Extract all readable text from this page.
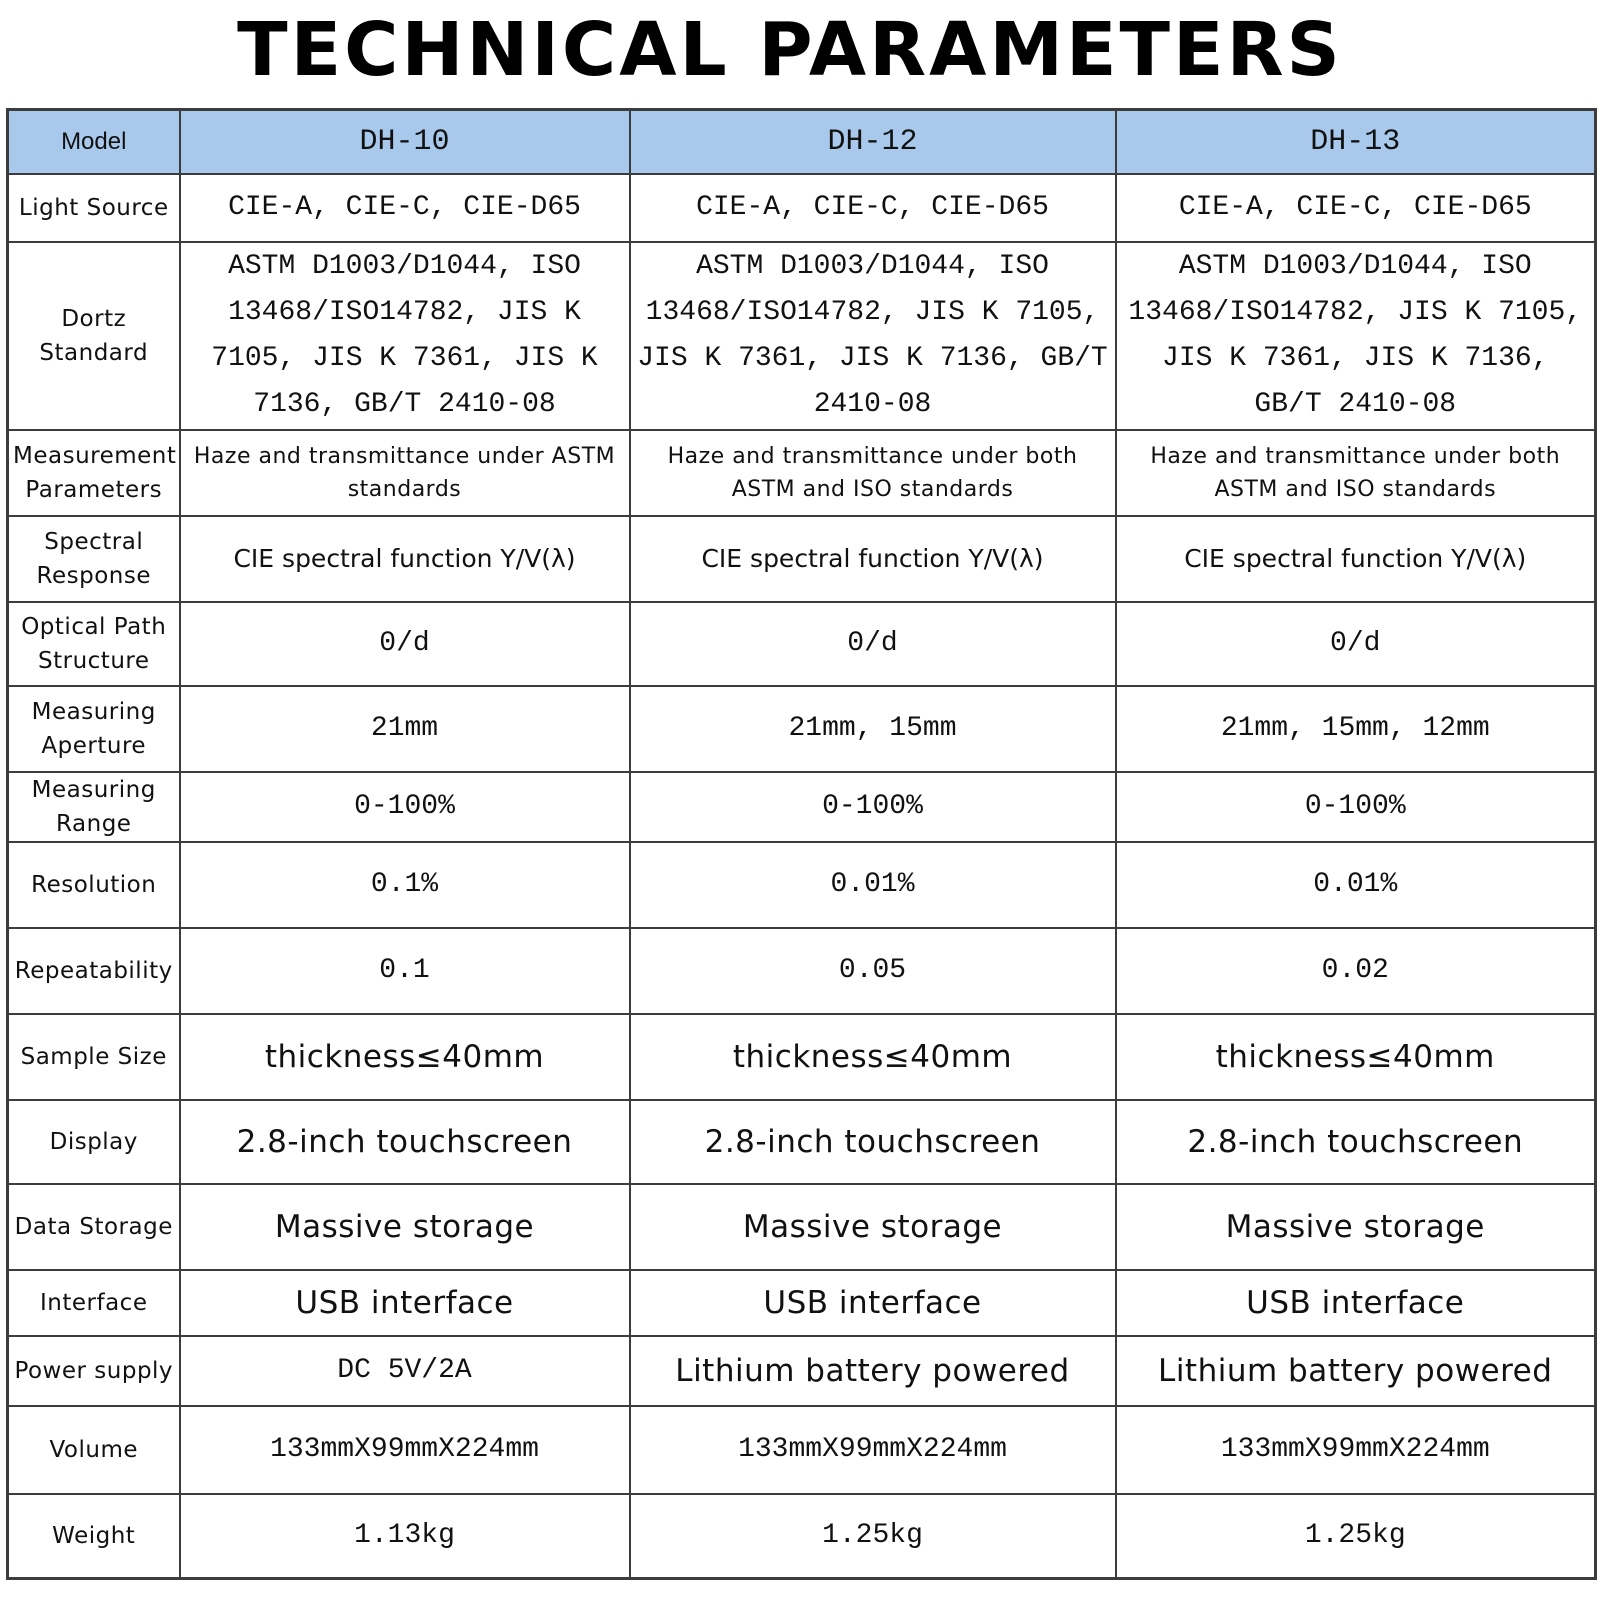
TECHNICAL PARAMETERS
Model	DH-10	DH-12	DH-13
Light Source	CIE-A, CIE-C, CIE-D65	CIE-A, CIE-C, CIE-D65	CIE-A, CIE-C, CIE-D65
Dortz Standard	ASTM D1003/D1044, ISO 13468/ISO14782, JIS K 7105, JIS K 7361, JIS K 7136, GB/T 2410-08	ASTM D1003/D1044, ISO 13468/ISO14782, JIS K 7105, JIS K 7361, JIS K 7136, GB/T 2410-08	ASTM D1003/D1044, ISO 13468/ISO14782, JIS K 7105, JIS K 7361, JIS K 7136, GB/T 2410-08
Measurement Parameters	Haze and transmittance under ASTM standards	Haze and transmittance under both ASTM and ISO standards	Haze and transmittance under both ASTM and ISO standards
Spectral Response	CIE spectral function Y/V(λ)	CIE spectral function Y/V(λ)	CIE spectral function Y/V(λ)
Optical Path Structure	0/d	0/d	0/d
Measuring Aperture	21mm	21mm, 15mm	21mm, 15mm, 12mm
Measuring Range	0-100%	0-100%	0-100%
Resolution	0.1%	0.01%	0.01%
Repeatability	0.1	0.05	0.02
Sample Size	thickness≤40mm	thickness≤40mm	thickness≤40mm
Display	2.8-inch touchscreen	2.8-inch touchscreen	2.8-inch touchscreen
Data Storage	Massive storage	Massive storage	Massive storage
Interface	USB interface	USB interface	USB interface
Power supply	DC 5V/2A	Lithium battery powered	Lithium battery powered
Volume	133mmX99mmX224mm	133mmX99mmX224mm	133mmX99mmX224mm
Weight	1.13kg	1.25kg	1.25kg
